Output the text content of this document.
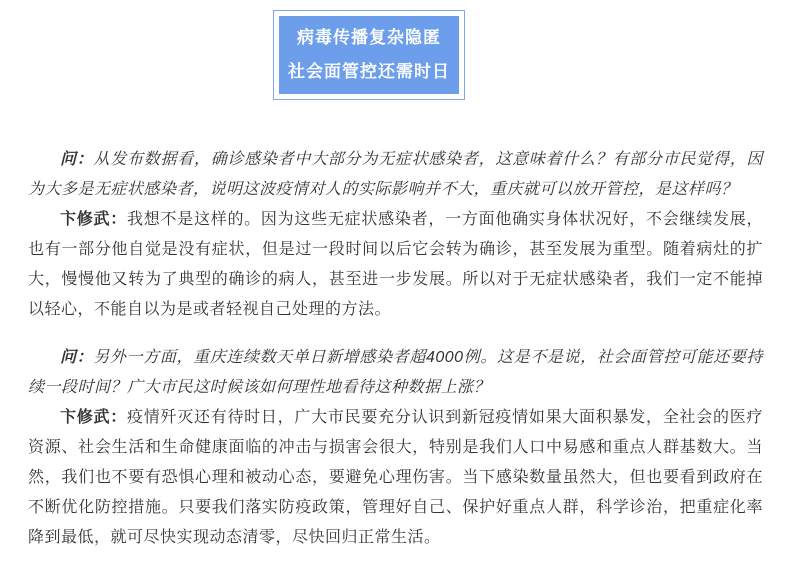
病毒传播复杂隐匿
社会面管控还需时日

问：从发布数据看，确诊感染者中大部分为无症状感染者，这意味着什么？有部分市民觉得，因为大多是无症状感染者，说明这波疫情对人的实际影响并不大，重庆就可以放开管控，是这样吗？

卞修武：我想不是这样的。因为这些无症状感染者，一方面他确实身体状况好，不会继续发展，也有一部分他自觉是没有症状，但是过一段时间以后它会转为确诊，甚至发展为重型。随着病灶的扩大，慢慢他又转为了典型的确诊的病人，甚至进一步发展。所以对于无症状感染者，我们一定不能掉以轻心，不能自以为是或者轻视自己处理的方法。

问：另外一方面，重庆连续数天单日新增感染者超4000例。这是不是说，社会面管控可能还要持续一段时间？广大市民这时候该如何理性地看待这种数据上涨？

卞修武：疫情歼灭还有待时日，广大市民要充分认识到新冠疫情如果大面积暴发，全社会的医疗资源、社会生活和生命健康面临的冲击与损害会很大，特别是我们人口中易感和重点人群基数大。当然，我们也不要有恐惧心理和被动心态，要避免心理伤害。当下感染数量虽然大，但也要看到政府在不断优化防控措施。只要我们落实防疫政策，管理好自己、保护好重点人群，科学诊治，把重症化率降到最低，就可尽快实现动态清零，尽快回归正常生活。
